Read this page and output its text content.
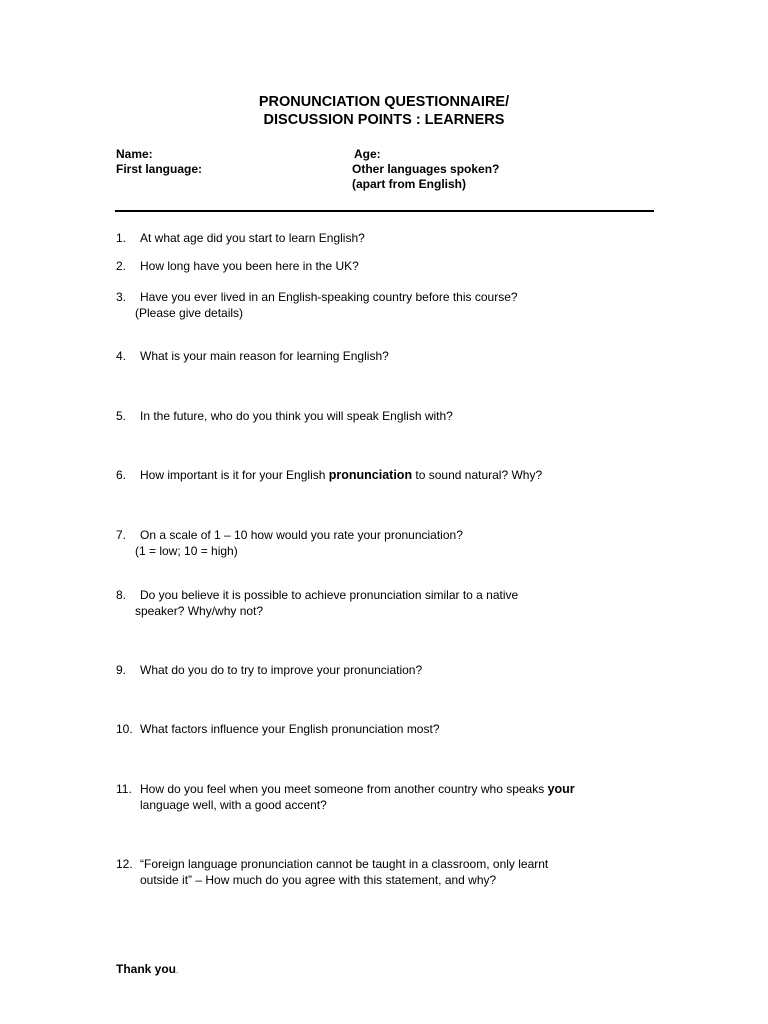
PRONUNCIATION QUESTIONNAIRE/
DISCUSSION POINTS : LEARNERS
Name:
First language:
Age:
Other languages spoken?
(apart from English)
1. At what age did you start to learn English?
2. How long have you been here in the UK?
3. Have you ever lived in an English-speaking country before this course?
(Please give details)
4. What is your main reason for learning English?
5. In the future, who do you think you will speak English with?
6. How important is it for your English pronunciation to sound natural? Why?
7. On a scale of 1 – 10 how would you rate your pronunciation?
(1 = low; 10 = high)
8. Do you believe it is possible to achieve pronunciation similar to a native
speaker? Why/why not?
9. What do you do to try to improve your pronunciation?
10. What factors influence your English pronunciation most?
11. How do you feel when you meet someone from another country who speaks your
language well, with a good accent?
12. “Foreign language pronunciation cannot be taught in a classroom, only learnt
outside it” – How much do you agree with this statement, and why?
Thank you.
